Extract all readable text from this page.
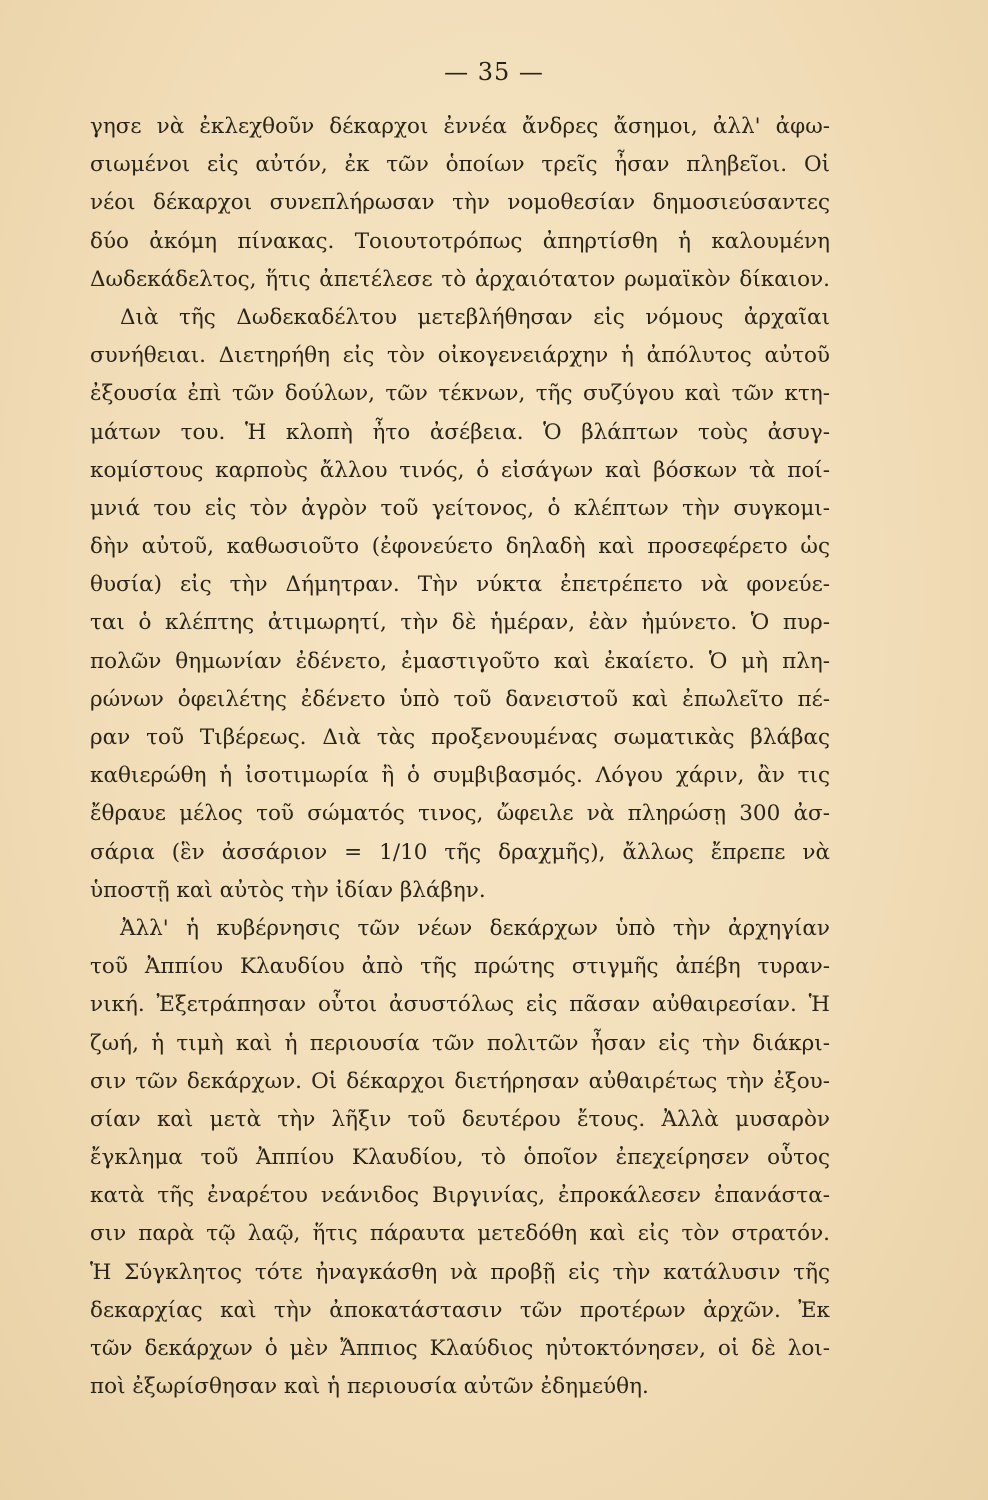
— 35 —
γησε νὰ ἐκλεχθοῦν δέκαρχοι ἐννέα ἄνδρες ἄσημοι, ἀλλ' ἀφω-
σιωμένοι εἰς αὐτόν, ἐκ τῶν ὁποίων τρεῖς ἦσαν πληβεῖοι. Οἱ
νέοι δέκαρχοι συνεπλήρωσαν τὴν νομοθεσίαν δημοσιεύσαντες
δύο ἀκόμη πίνακας. Τοιουτοτρόπως ἀπηρτίσθη ἡ καλουμένη
Δωδεκάδελτος, ἥτις ἀπετέλεσε τὸ ἀρχαιότατον ρωμαϊκὸν δίκαιον.
Διὰ τῆς Δωδεκαδέλτου μετεβλήθησαν εἰς νόμους ἀρχαῖαι
συνήθειαι. Διετηρήθη εἰς τὸν οἰκογενειάρχην ἡ ἀπόλυτος αὐτοῦ
ἐξουσία ἐπὶ τῶν δούλων, τῶν τέκνων, τῆς συζύγου καὶ τῶν κτη-
μάτων του. Ἡ κλοπὴ ἦτο ἀσέβεια. Ὁ βλάπτων τοὺς ἀσυγ-
κομίστους καρποὺς ἄλλου τινός, ὁ εἰσάγων καὶ βόσκων τὰ ποί-
μνιά του εἰς τὸν ἀγρὸν τοῦ γείτονος, ὁ κλέπτων τὴν συγκομι-
δὴν αὐτοῦ, καθωσιοῦτο (ἐφονεύετο δηλαδὴ καὶ προσεφέρετο ὡς
θυσία) εἰς τὴν Δήμητραν. Τὴν νύκτα ἐπετρέπετο νὰ φονεύε-
ται ὁ κλέπτης ἀτιμωρητί, τὴν δὲ ἡμέραν, ἐὰν ἠμύνετο. Ὁ πυρ-
πολῶν θημωνίαν ἐδένετο, ἐμαστιγοῦτο καὶ ἐκαίετο. Ὁ μὴ πλη-
ρώνων ὀφειλέτης ἐδένετο ὑπὸ τοῦ δανειστοῦ καὶ ἐπωλεῖτο πέ-
ραν τοῦ Τιβέρεως. Διὰ τὰς προξενουμένας σωματικὰς βλάβας
καθιερώθη ἡ ἰσοτιμωρία ἢ ὁ συμβιβασμός. Λόγου χάριν, ἂν τις
ἔθραυε μέλος τοῦ σώματός τινος, ὤφειλε νὰ πληρώσῃ 300 ἀσ-
σάρια (ἓν ἀσσάριον = 1/10 τῆς δραχμῆς), ἄλλως ἔπρεπε νὰ
ὑποστῇ καὶ αὐτὸς τὴν ἰδίαν βλάβην.
Ἀλλ' ἡ κυβέρνησις τῶν νέων δεκάρχων ὑπὸ τὴν ἀρχηγίαν
τοῦ Ἀππίου Κλαυδίου ἀπὸ τῆς πρώτης στιγμῆς ἀπέβη τυραν-
νική. Ἐξετράπησαν οὗτοι ἀσυστόλως εἰς πᾶσαν αὐθαιρεσίαν. Ἡ
ζωή, ἡ τιμὴ καὶ ἡ περιουσία τῶν πολιτῶν ἦσαν εἰς τὴν διάκρι-
σιν τῶν δεκάρχων. Οἱ δέκαρχοι διετήρησαν αὐθαιρέτως τὴν ἐξου-
σίαν καὶ μετὰ τὴν λῆξιν τοῦ δευτέρου ἔτους. Ἀλλὰ μυσαρὸν
ἔγκλημα τοῦ Ἀππίου Κλαυδίου, τὸ ὁποῖον ἐπεχείρησεν οὗτος
κατὰ τῆς ἐναρέτου νεάνιδος Βιργινίας, ἐπροκάλεσεν ἐπανάστα-
σιν παρὰ τῷ λαῷ, ἥτις πάραυτα μετεδόθη καὶ εἰς τὸν στρατόν.
Ἡ Σύγκλητος τότε ἠναγκάσθη νὰ προβῇ εἰς τὴν κατάλυσιν τῆς
δεκαρχίας καὶ τὴν ἀποκατάστασιν τῶν προτέρων ἀρχῶν. Ἐκ
τῶν δεκάρχων ὁ μὲν Ἄππιος Κλαύδιος ηὐτοκτόνησεν, οἱ δὲ λοι-
ποὶ ἐξωρίσθησαν καὶ ἡ περιουσία αὐτῶν ἐδημεύθη.
